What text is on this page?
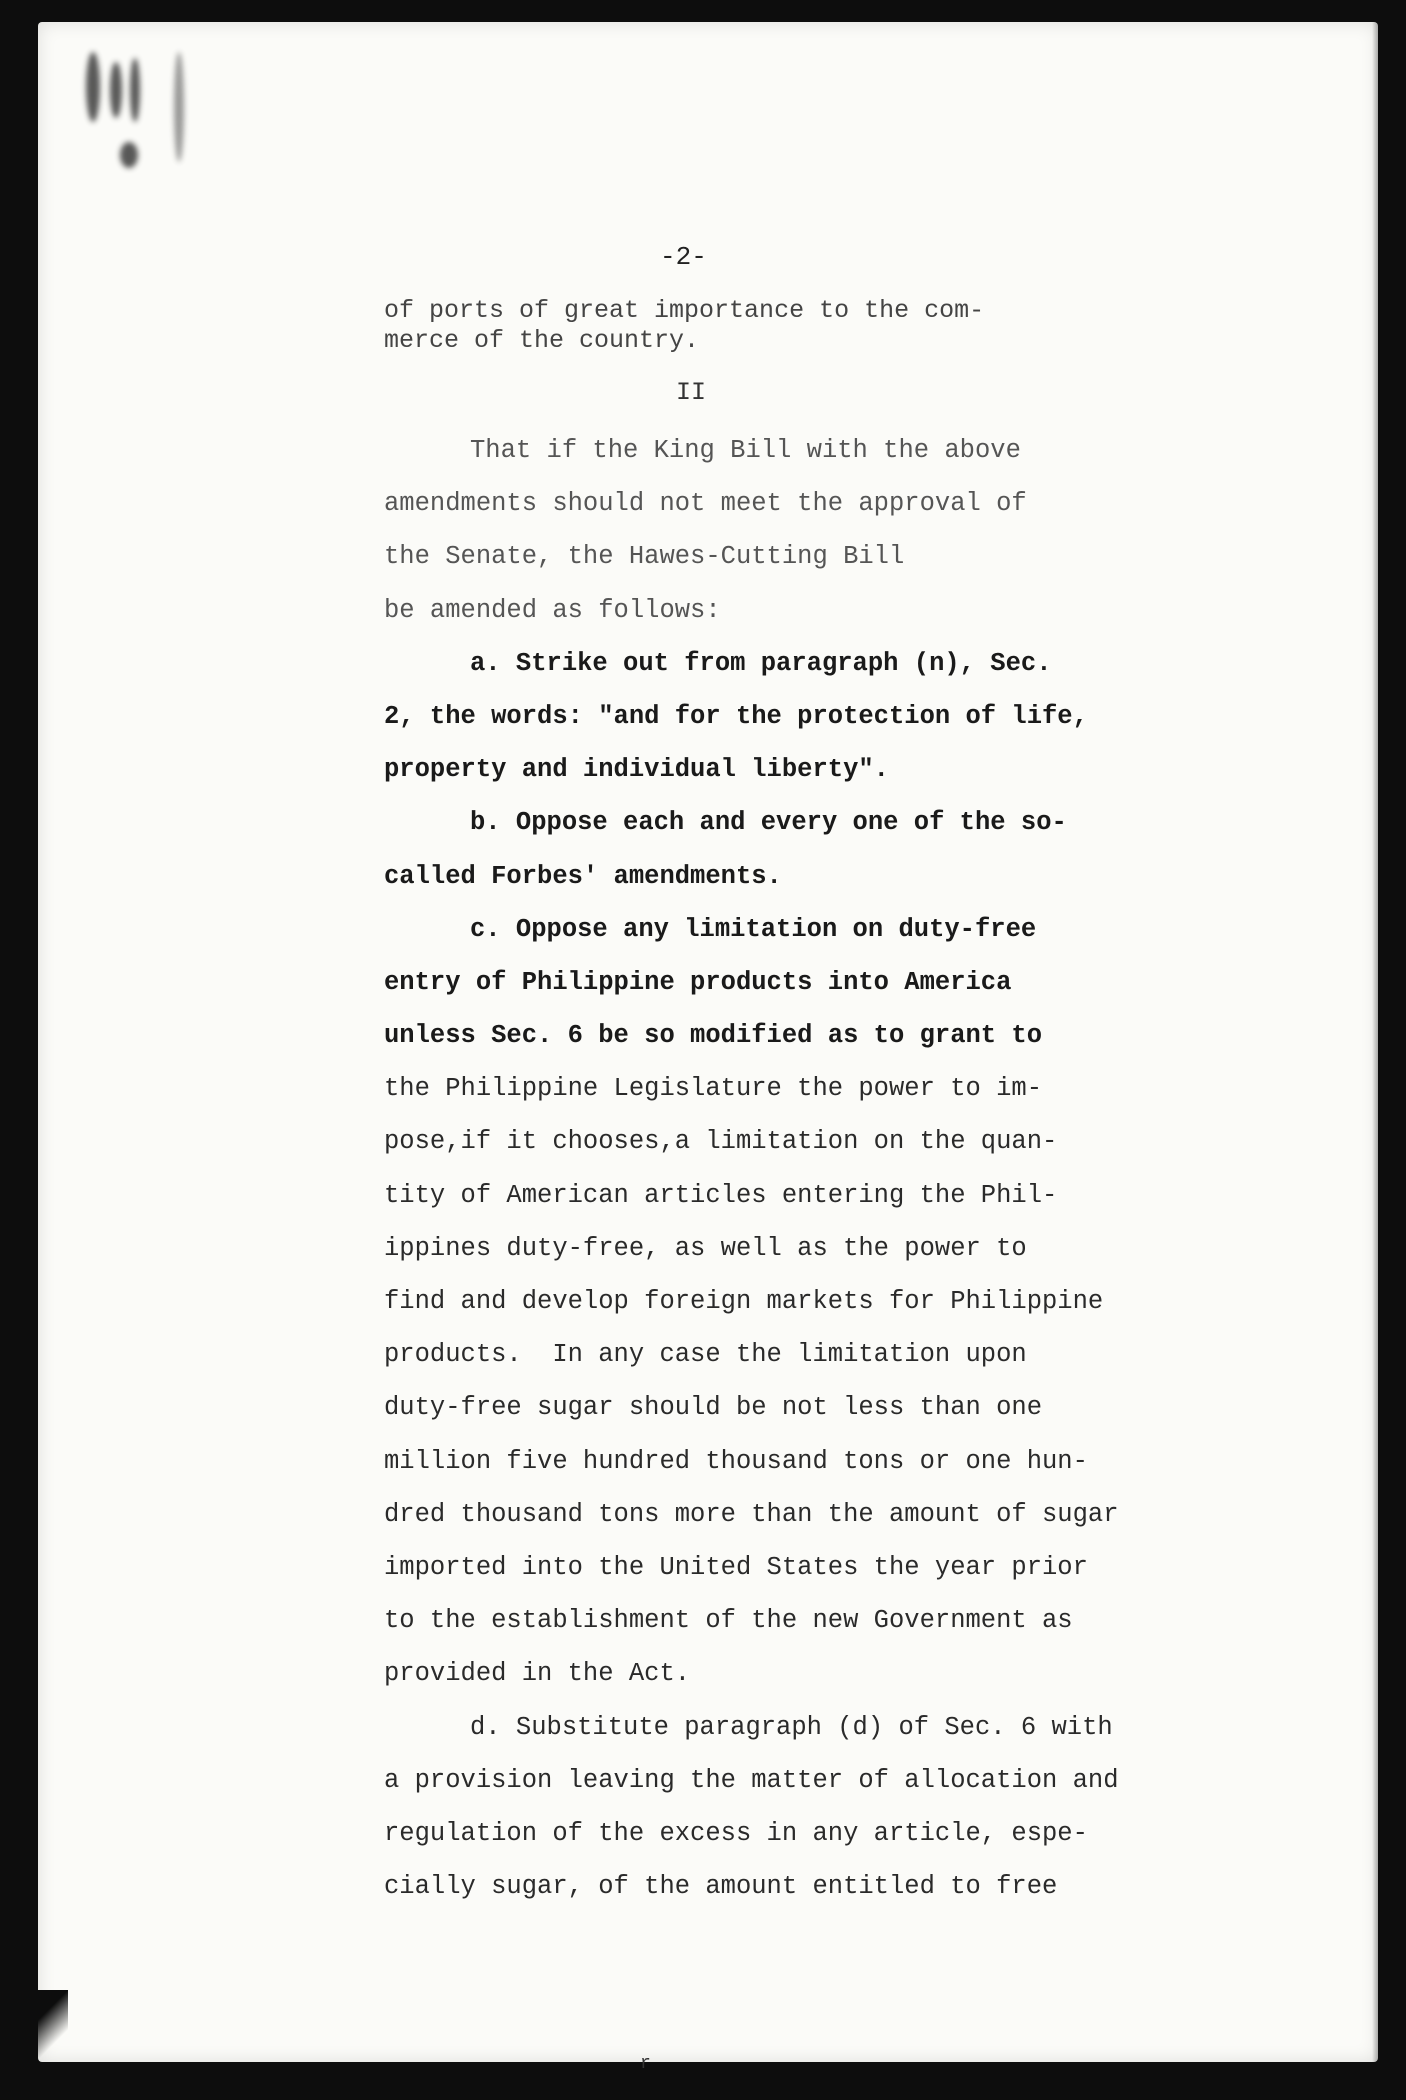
-2-
of ports of great importance to the com-
merce of the country.
II
That if the King Bill with the above
amendments should not meet the approval of
the Senate, the Hawes-Cutting Bill
be amended as follows:
a. Strike out from paragraph (n), Sec.
2, the words: "and for the protection of life,
property and individual liberty".
b. Oppose each and every one of the so-
called Forbes' amendments.
c. Oppose any limitation on duty-free
entry of Philippine products into America
unless Sec. 6 be so modified as to grant to
the Philippine Legislature the power to im-
pose,if it chooses,a limitation on the quan-
tity of American articles entering the Phil-
ippines duty-free, as well as the power to
find and develop foreign markets for Philippine
products.  In any case the limitation upon
duty-free sugar should be not less than one
million five hundred thousand tons or one hun-
dred thousand tons more than the amount of sugar
imported into the United States the year prior
to the establishment of the new Government as
provided in the Act.
d. Substitute paragraph (d) of Sec. 6 with
a provision leaving the matter of allocation and
regulation of the excess in any article, espe-
cially sugar, of the amount entitled to free
r
